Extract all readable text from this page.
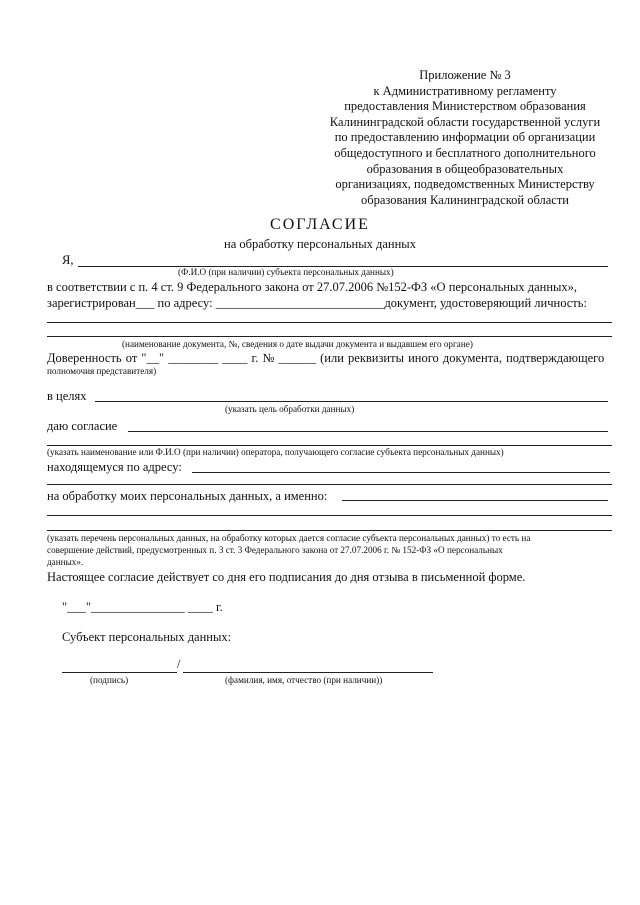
Приложение № 3
к Административному регламенту
предоставления Министерством образования
Калининградской области государственной услуги
по предоставлению информации об организации
общедоступного и бесплатного дополнительного
образования в общеобразовательных
организациях, подведомственных Министерству
образования Калининградской области
СОГЛАСИЕ
на обработку персональных данных
Я,
(Ф.И.О (при наличии) субъекта персональных данных)
в соответствии с п. 4 ст. 9 Федерального закона от 27.07.2006 №152-ФЗ «О персональных данных»,
зарегистрирован___ по адресу: ___________________________документ, удостоверяющий личность:
(наименование документа, №, сведения о дате выдачи документа и выдавшем его органе)
Доверенность от "__" ________ ____ г. № ______ (или реквизиты иного документа, подтверждающего
полномочия представителя)
в целях
(указать цель обработки данных)
даю согласие
(указать наименование или Ф.И.О (при наличии) оператора, получающего согласие субъекта персональных данных)
находящемуся по адресу:
на обработку моих персональных данных, а именно:
(указать перечень персональных данных, на обработку которых дается согласие субъекта персональных данных) то есть на
совершение действий, предусмотренных п. 3 ст. 3 Федерального закона от 27.07.2006 г. № 152-ФЗ «О персональных
данных».
Настоящее согласие действует со дня его подписания до дня отзыва в письменной форме.
"___"_______________ ____ г.
Субъект персональных данных:
/
(подпись)	(фамилия, имя, отчество (при наличии))
